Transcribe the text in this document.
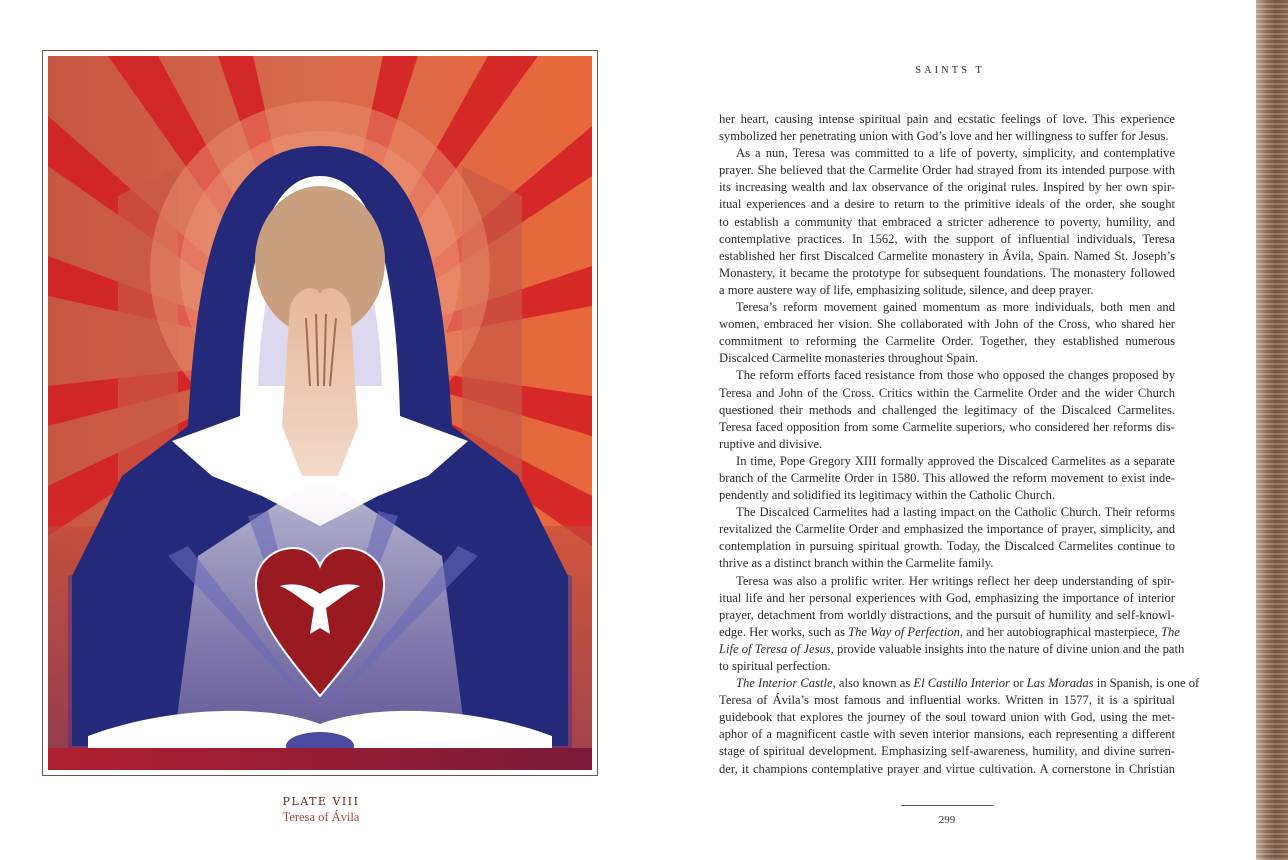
PLATE VIII
Teresa of Ávila
SAINTS T
her heart, causing intense spiritual pain and ecstatic feelings of love. This experience
symbolized her penetrating union with God’s love and her willingness to suffer for Jesus.
As a nun, Teresa was committed to a life of poverty, simplicity, and contemplative
prayer. She believed that the Carmelite Order had strayed from its intended purpose with
its increasing wealth and lax observance of the original rules. Inspired by her own spir-
itual experiences and a desire to return to the primitive ideals of the order, she sought
to establish a community that embraced a stricter adherence to poverty, humility, and
contemplative practices. In 1562, with the support of influential individuals, Teresa
established her first Discalced Carmelite monastery in Ávila, Spain. Named St. Joseph’s
Monastery, it became the prototype for subsequent foundations. The monastery followed
a more austere way of life, emphasizing solitude, silence, and deep prayer.
Teresa’s reform movement gained momentum as more individuals, both men and
women, embraced her vision. She collaborated with John of the Cross, who shared her
commitment to reforming the Carmelite Order. Together, they established numerous
Discalced Carmelite monasteries throughout Spain.
The reform efforts faced resistance from those who opposed the changes proposed by
Teresa and John of the Cross. Critics within the Carmelite Order and the wider Church
questioned their methods and challenged the legitimacy of the Discalced Carmelites.
Teresa faced opposition from some Carmelite superiors, who considered her reforms dis-
ruptive and divisive.
In time, Pope Gregory XIII formally approved the Discalced Carmelites as a separate
branch of the Carmelite Order in 1580. This allowed the reform movement to exist inde-
pendently and solidified its legitimacy within the Catholic Church.
The Discalced Carmelites had a lasting impact on the Catholic Church. Their reforms
revitalized the Carmelite Order and emphasized the importance of prayer, simplicity, and
contemplation in pursuing spiritual growth. Today, the Discalced Carmelites continue to
thrive as a distinct branch within the Carmelite family.
Teresa was also a prolific writer. Her writings reflect her deep understanding of spir-
itual life and her personal experiences with God, emphasizing the importance of interior
prayer, detachment from worldly distractions, and the pursuit of humility and self-knowl-
edge. Her works, such as The Way of Perfection, and her autobiographical masterpiece, The
Life of Teresa of Jesus, provide valuable insights into the nature of divine union and the path
to spiritual perfection.
The Interior Castle, also known as El Castillo Interior or Las Moradas in Spanish, is one of
Teresa of Ávila’s most famous and influential works. Written in 1577, it is a spiritual
guidebook that explores the journey of the soul toward union with God, using the met-
aphor of a magnificent castle with seven interior mansions, each representing a different
stage of spiritual development. Emphasizing self-awareness, humility, and divine surren-
der, it champions contemplative prayer and virtue cultivation. A cornerstone in Christian
299
